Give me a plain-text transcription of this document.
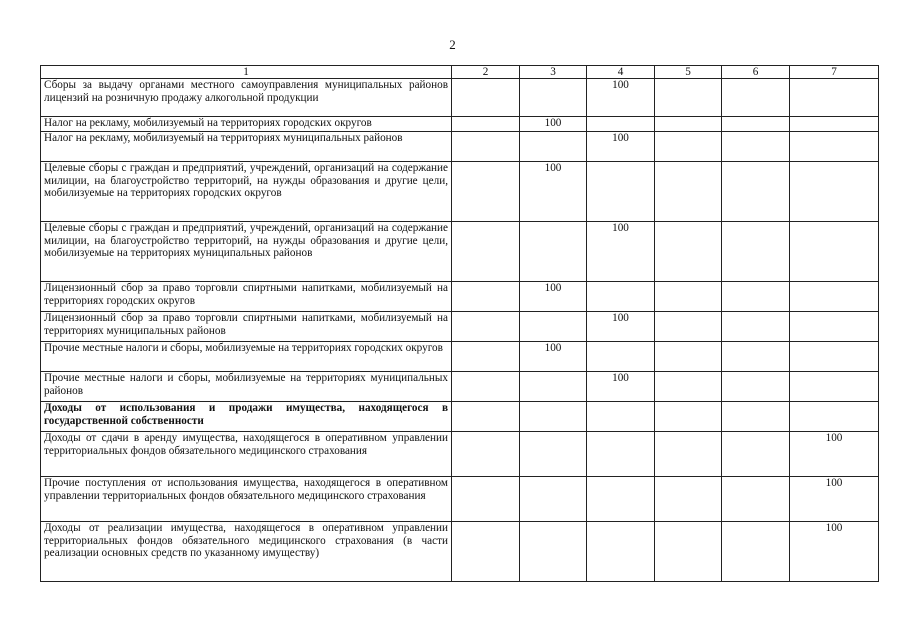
2
1	2	3	4	5	6	7
Сборы за выдачу органами местного самоуправления муниципальных районов лицензий на розничную продажу алкогольной продукции			100			
Налог на рекламу, мобилизуемый на территориях городских округов		100				
Налог на рекламу, мобилизуемый на территориях муниципальных районов			100			
Целевые сборы с граждан и предприятий, учреждений, организаций на содержание милиции, на благоустройство территорий, на нужды образования и другие цели, мобилизуемые на территориях городских округов		100				
Целевые сборы с граждан и предприятий, учреждений, организаций на содержание милиции, на благоустройство территорий, на нужды образования и другие цели, мобилизуемые на территориях муниципальных районов			100			
Лицензионный сбор за право торговли спиртными напитками, мобилизуемый на территориях городских округов		100				
Лицензионный сбор за право торговли спиртными напитками, мобилизуемый на территориях муниципальных районов			100			
Прочие местные налоги и сборы, мобилизуемые на территориях городских округов		100				
Прочие местные налоги и сборы, мобилизуемые на территориях муниципальных районов			100			
Доходы от использования и продажи имущества, находящегося в государственной собственности						
Доходы от сдачи в аренду имущества, находящегося в оперативном управлении территориальных фондов обязательного медицинского страхования						100
Прочие поступления от использования имущества, находящегося в оперативном управлении территориальных фондов обязательного медицинского страхования						100
Доходы от реализации имущества, находящегося в оперативном управлении территориальных фондов обязательного медицинского страхования (в части реализации основных средств по указанному имуществу)						100
